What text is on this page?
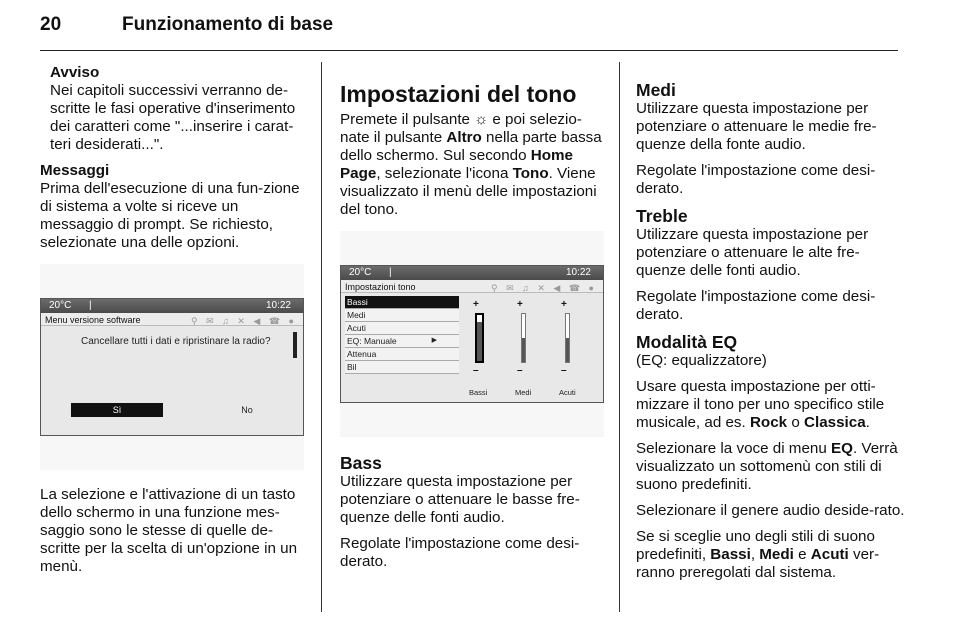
20	Funzionamento di base
Avviso
Nei capitoli successivi verranno de-scritte le fasi operative d'inserimento dei caratteri come "...inserire i carat-teri desiderati...".
Messaggi

Prima dell'esecuzione di una fun-zione di sistema a volte si riceve un messaggio di prompt. Se richiesto, selezionate una delle opzioni.

20°C |	10:22
Menu versione software	⚲ ✉ ♫ ✕ ◀ ☎ ●
Cancellare tutti i dati e ripristinare la radio?
Sì	No

La selezione e l'attivazione di un tasto dello schermo in una funzione mes-saggio sono le stesse di quelle de-scritte per la scelta di un'opzione in un menù.

Impostazioni del tono

Premete il pulsante ☼ e poi selezio-nate il pulsante Altro nella parte bassa dello schermo. Sul secondo Home Page, selezionate l'icona Tono. Viene visualizzato il menù delle impostazioni del tono.

20°C |	10:22
Impostazioni tono	⚲ ✉ ♫ ✕ ◀ ☎ ●
Bassi
Medi
Acuti
EQ: Manuale	▶
Attenua
Bil
+
–
+
–
+
–
Bassi	Medi	Acuti
Bass

Utilizzare questa impostazione per potenziare o attenuare le basse fre-quenze delle fonti audio.

Regolate l'impostazione come desi-derato.

Medi

Utilizzare questa impostazione per potenziare o attenuare le medie fre-quenze della fonte audio.

Regolate l'impostazione come desi-derato.

Treble

Utilizzare questa impostazione per potenziare o attenuare le alte fre-quenze delle fonti audio.

Regolate l'impostazione come desi-derato.

Modalità EQ

(EQ: equalizzatore)

Usare questa impostazione per otti-mizzare il tono per uno specifico stile musicale, ad es. Rock o Classica.

Selezionare la voce di menu EQ. Verrà visualizzato un sottomenù con stili di suono predefiniti.

Selezionare il genere audio deside-rato.

Se si sceglie uno degli stili di suono predefiniti, Bassi, Medi e Acuti ver-ranno preregolati dal sistema.
